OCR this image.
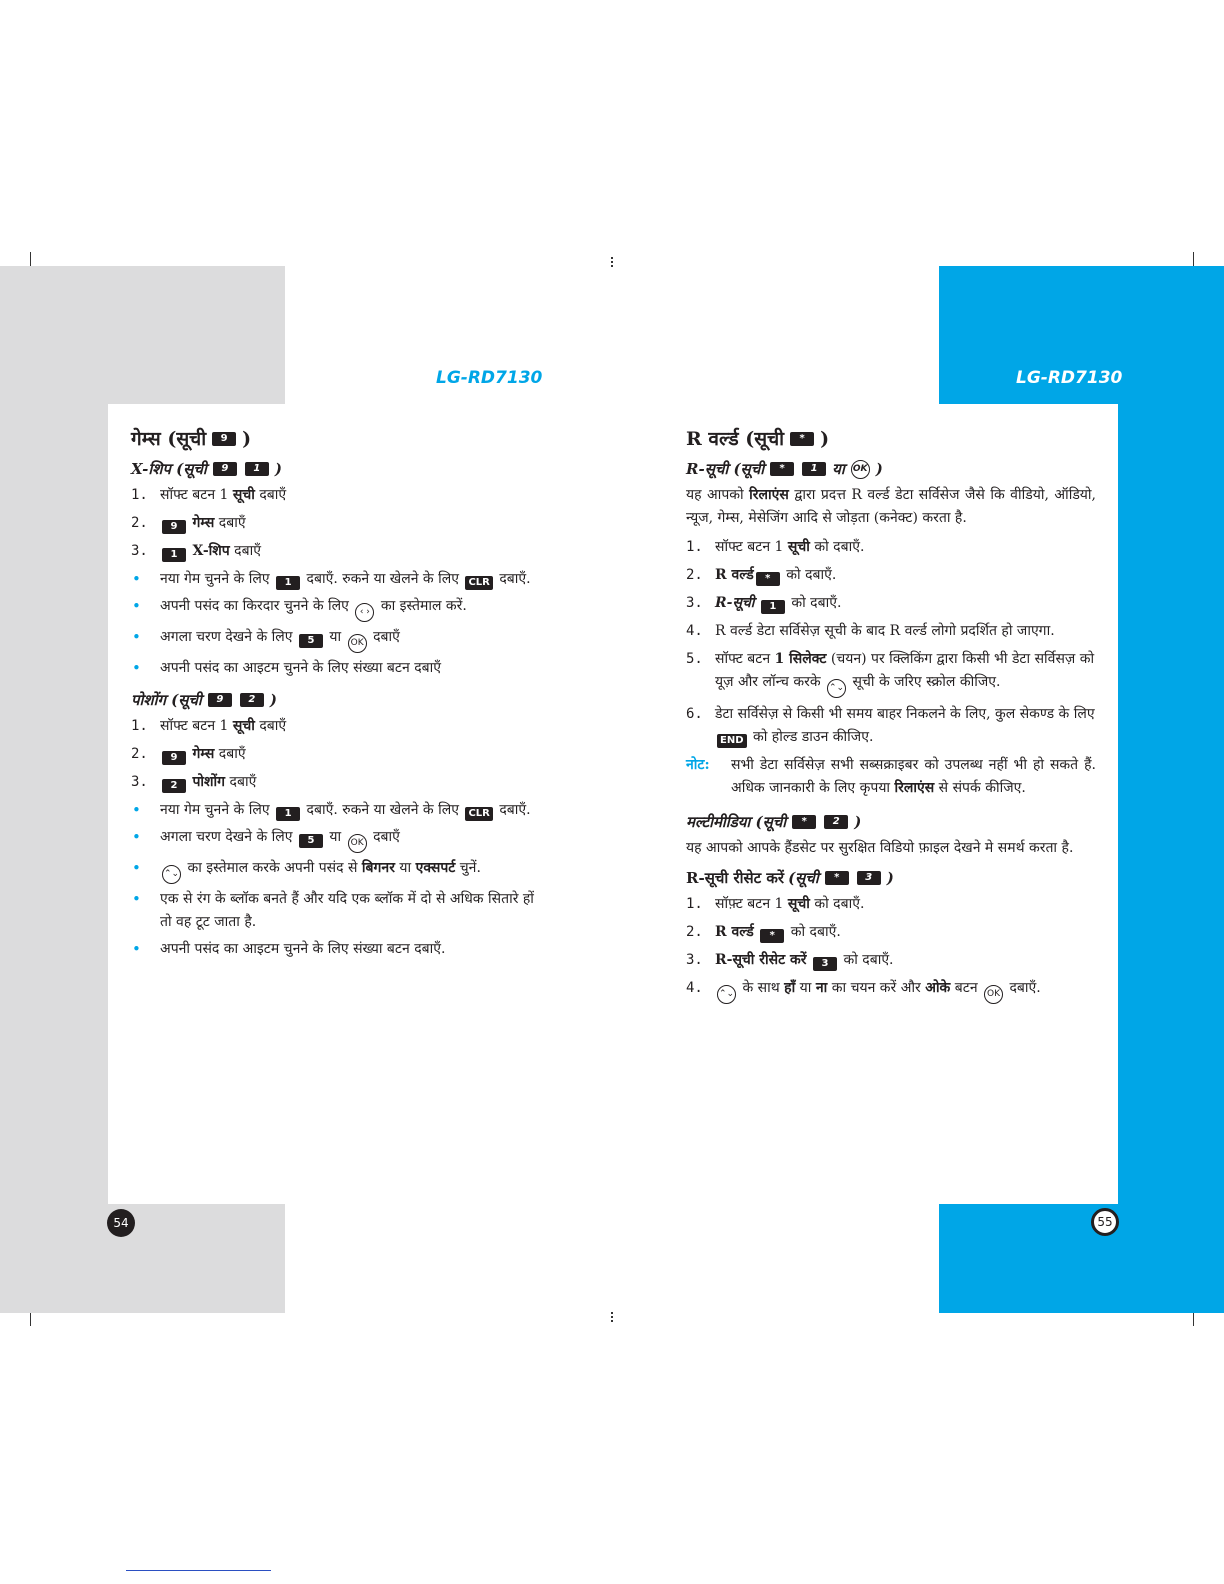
LG-RD7130	LG-RD7130
54	55
गेम्स (सूची	9 )
X-शिप (सूची	9	1 )
1. सॉफ्ट बटन 1 सूची दबाएँ
2.	9 गेम्स दबाएँ
3.	1 X-शिप दबाएँ
•	नया गेम चुनने के लिए 1 दबाएँ. रुकने या खेलने के लिए CLR दबाएँ.
•	अपनी पसंद का किरदार चुनने के लिए ‹ › का इस्तेमाल करें.
•	अगला चरण देखने के लिए 5 या OK दबाएँ
•	अपनी पसंद का आइटम चुनने के लिए संख्या बटन दबाएँ
पोशोंग (सूची	9	2 )
1. सॉफ्ट बटन 1 सूची दबाएँ
2.	9 गेम्स दबाएँ
3.	2 पोशोंग दबाएँ
•	नया गेम चुनने के लिए 1 दबाएँ. रुकने या खेलने के लिए CLR दबाएँ.
•	अगला चरण देखने के लिए 5 या OK दबाएँ
•	⌃⌄ का इस्तेमाल करके अपनी पसंद से बिगनर या एक्सपर्ट चुनें.
•	एक से रंग के ब्लॉक बनते हैं और यदि एक ब्लॉक में दो से अधिक सितारे हों तो वह टूट जाता है.
•	अपनी पसंद का आइटम चुनने के लिए संख्या बटन दबाएँ.
R वर्ल्ड (सूची	* )
R-सूची (सूची	*	1 या OK )
यह आपको रिलाएंस द्वारा प्रदत्त R वर्ल्ड डेटा सर्विसेज जैसे कि वीडियो, ऑडियो, न्यूज, गेम्स, मेसेजिंग आदि से जोड़ता (कनेक्ट) करता है.
1. सॉफ्ट बटन 1 सूची को दबाएँ.
2. R वर्ल्ड * को दबाएँ.
3. R-सूची 1 को दबाएँ.
4. R वर्ल्ड डेटा सर्विसेज़ सूची के बाद R वर्ल्ड लोगो प्रदर्शित हो जाएगा.
5. सॉफ्ट बटन 1 सिलेक्ट (चयन) पर क्लिकिंग द्वारा किसी भी डेटा सर्विसज़ को यूज़ और लॉन्च करके ⌃⌄ सूची के जरिए स्क्रोल कीजिए.
6. डेटा सर्विसेज़ से किसी भी समय बाहर निकलने के लिए, कुल सेकण्ड के लिए END को होल्ड डाउन कीजिए.
नोट:	सभी डेटा सर्विसेज़ सभी सब्सक्राइबर को उपलब्ध नहीं भी हो सकते हैं. अधिक जानकारी के लिए कृपया रिलाएंस से संपर्क कीजिए.
मल्टीमीडिया (सूची	*	2 )
यह आपको आपके हैंडसेट पर सुरक्षित विडियो फ़ाइल देखने मे समर्थ करता है.
R-सूची रीसेट करें (सूची	*	3 )
1. सॉफ़्ट बटन 1 सूची को दबाएँ.
2. R वर्ल्ड * को दबाएँ.
3. R-सूची रीसेट करें 3 को दबाएँ.
4.	⌃⌄ के साथ हाँ या ना का चयन करें और ओके बटन OK दबाएँ.
